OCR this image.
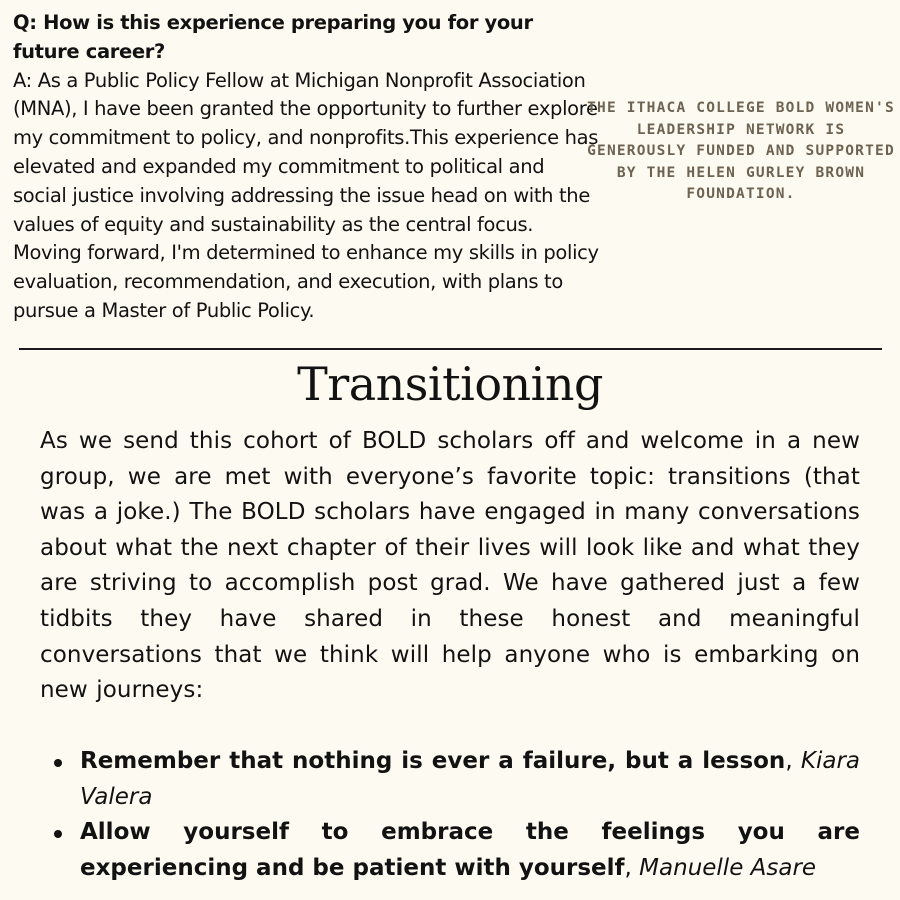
Q: How is this experience preparing you for your future career?

A: As a Public Policy Fellow at Michigan Nonprofit Association (MNA), I have been granted the opportunity to further explore my commitment to policy, and nonprofits.This experience has elevated and expanded my commitment to political and social justice involving addressing the issue head on with the values of equity and sustainability as the central focus. Moving forward, I'm determined to enhance my skills in policy evaluation, recommendation, and execution, with plans to pursue a Master of Public Policy.

THE ITHACA COLLEGE BOLD WOMEN'S LEADERSHIP NETWORK IS GENEROUSLY FUNDED AND SUPPORTED BY THE HELEN GURLEY BROWN FOUNDATION.
Transitioning

As we send this cohort of BOLD scholars off and welcome in a new group, we are met with everyone’s favorite topic: transitions (that was a joke.) The BOLD scholars have engaged in many conversations about what the next chapter of their lives will look like and what they are striving to accomplish post grad. We have gathered just a few tidbits they have shared in these honest and meaningful conversations that we think will help anyone who is embarking on new journeys:

Remember that nothing is ever a failure, but a lesson, Kiara Valera
Allow yourself to embrace the feelings you are experiencing and be patient with yourself, Manuelle Asare
